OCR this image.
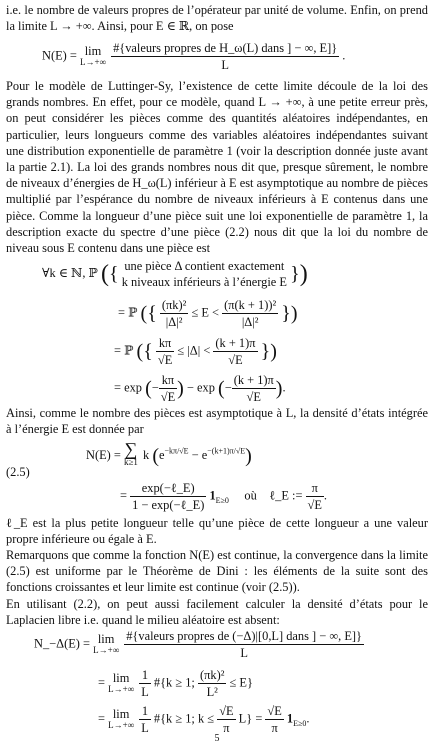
i.e. le nombre de valeurs propres de l’opérateur par unité de volume. Enfin, on prend la limite L → +∞. Ainsi, pour E ∈ ℝ, on pose

N(E) = lim
L→+∞
$\frac{\text{\#\{valeurs propres de H\_ω(L) dans ] − ∞, E]\}}}{L}$ .

Pour le modèle de Luttinger-Sy, l’existence de cette limite découle de la loi des grands nombres. En effet, pour ce modèle, quand L → +∞, à une petite erreur près, on peut considérer les pièces comme des quantités aléatoires indépendantes, en particulier, leurs longueurs comme des variables aléatoires indépendantes suivant une distribution exponentielle de paramètre 1 (voir la description donnée juste avant la partie 2.1). La loi des grands nombres nous dit que, presque sûrement, le nombre de niveaux d’énergies de H_ω(L) inférieur à E est asymptotique au nombre de pièces multiplié par l’espérance du nombre de niveaux inférieurs à E contenus dans une pièce. Comme la longueur d’une pièce suit une loi exponentielle de paramètre 1, la description exacte du spectre d’une pièce (2.2) nous dit que la loi du nombre de niveau sous E contenu dans une pièce est

∀k ∈ ℕ, ℙ ({ une pièce Δ contient exactement
k niveaux inférieurs à l’énergie E })
= ℙ ({ $\frac{\text{(πk)²}}{\text{|Δ|²}} \le E < \frac{\text{(π(k + 1))²}}{\text{|Δ|²}}$ })
= ℙ ({ $\frac{k\pi}{√E} \le |\Delta| < \frac{(k + 1)\pi}{√E}$ })
= exp (− $\frac{k\pi}{√E}$ ) − exp (− $\frac{(k + 1)\pi}{√E}$ ).

Ainsi, comme le nombre des pièces est asymptotique à L, la densité d’états intégrée à l’énergie E est donnée par

(2.5)
N(E) = ∑
k≥1
k $(e^{-k\pi/√E} - e^{-(k+1)\pi/√E})$
= $\frac{\text{exp(−ℓ\_E)}}{\text{1 − exp(−ℓ\_E)}} 1_{E\ge 0}$ où ℓ_E := $\frac{\pi}{√E}$ .

ℓ_E est la plus petite longueur telle qu’une pièce de cette longueur a une valeur propre inférieure ou égale à E.

Remarquons que comme la fonction N(E) est continue, la convergence dans la limite (2.5) est uniforme par le Théorème de Dini : les éléments de la suite sont des fonctions croissantes et leur limite est continue (voir (2.5)).

En utilisant (2.2), on peut aussi facilement calculer la densité d’états pour le Laplacien libre i.e. quand le milieu aléatoire est absent:

N_−Δ(E) = lim
L→+∞
$\frac{\text{\#\{valeurs propres de (−Δ)|[0,L] dans ] − ∞, E]\}}}{L}$
= lim
L→+∞
$\frac{1}{L}$ #{k ≥ 1; $\frac{\text{(πk)²}}{\text{L²}} \le E$}
= lim
L→+∞
$\frac{1}{L}$ #{k ≥ 1; $k \le \frac{√E}{\pi} L\} = \frac{√E}{\pi} 1_{E\ge 0}$.
5
